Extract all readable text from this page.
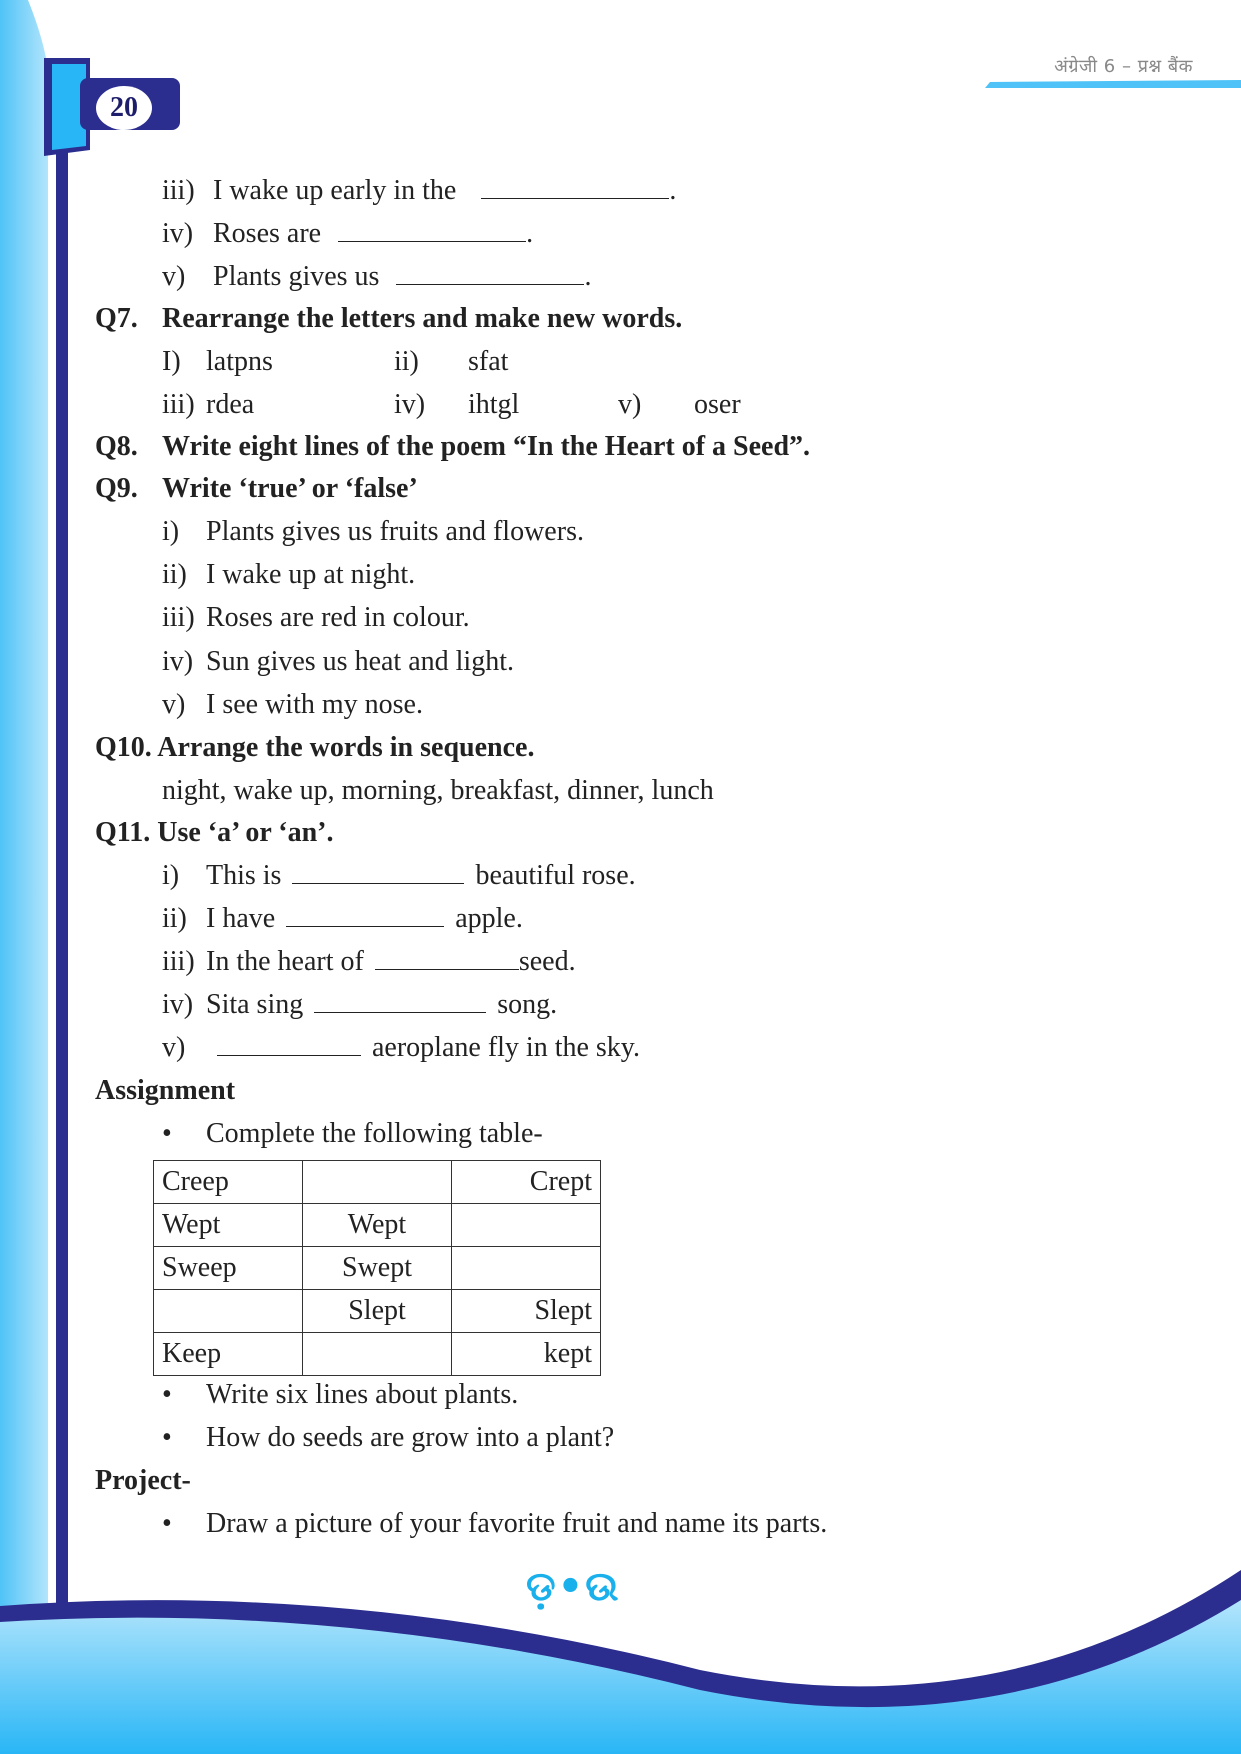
अंग्रेजी 6 – प्रश्न बैंक
20
iii) I wake up early in the	.
iv) Roses are	.
v) Plants gives us	.
Q7. Rearrange the letters and make new words.
I) latpns	ii) sfat
iii) rdea	iv) ihtgl	v) oser
Q8. Write eight lines of the poem “In the Heart of a Seed”.
Q9. Write ‘true’ or ‘false’
i) Plants gives us fruits and flowers.
ii) I wake up at night.
iii) Roses are red in colour.
iv) Sun gives us heat and light.
v) I see with my nose.
Q10. Arrange the words in sequence.
night, wake up, morning, breakfast, dinner, lunch
Q11. Use ‘a’ or ‘an’.
i) This is	beautiful rose.
ii) I have	apple.
iii) In the heart of	seed.
iv) Sita sing	song.
v)	aeroplane fly in the sky.
Assignment
• Complete the following table-
Creep		Crept
Wept	Wept	
Sweep	Swept	
	Slept	Slept
Keep		kept
• Write six lines about plants.
• How do seeds are grow into a plant?
Project-
• Draw a picture of your favorite fruit and name its parts.
ଡ଼•ଉ
